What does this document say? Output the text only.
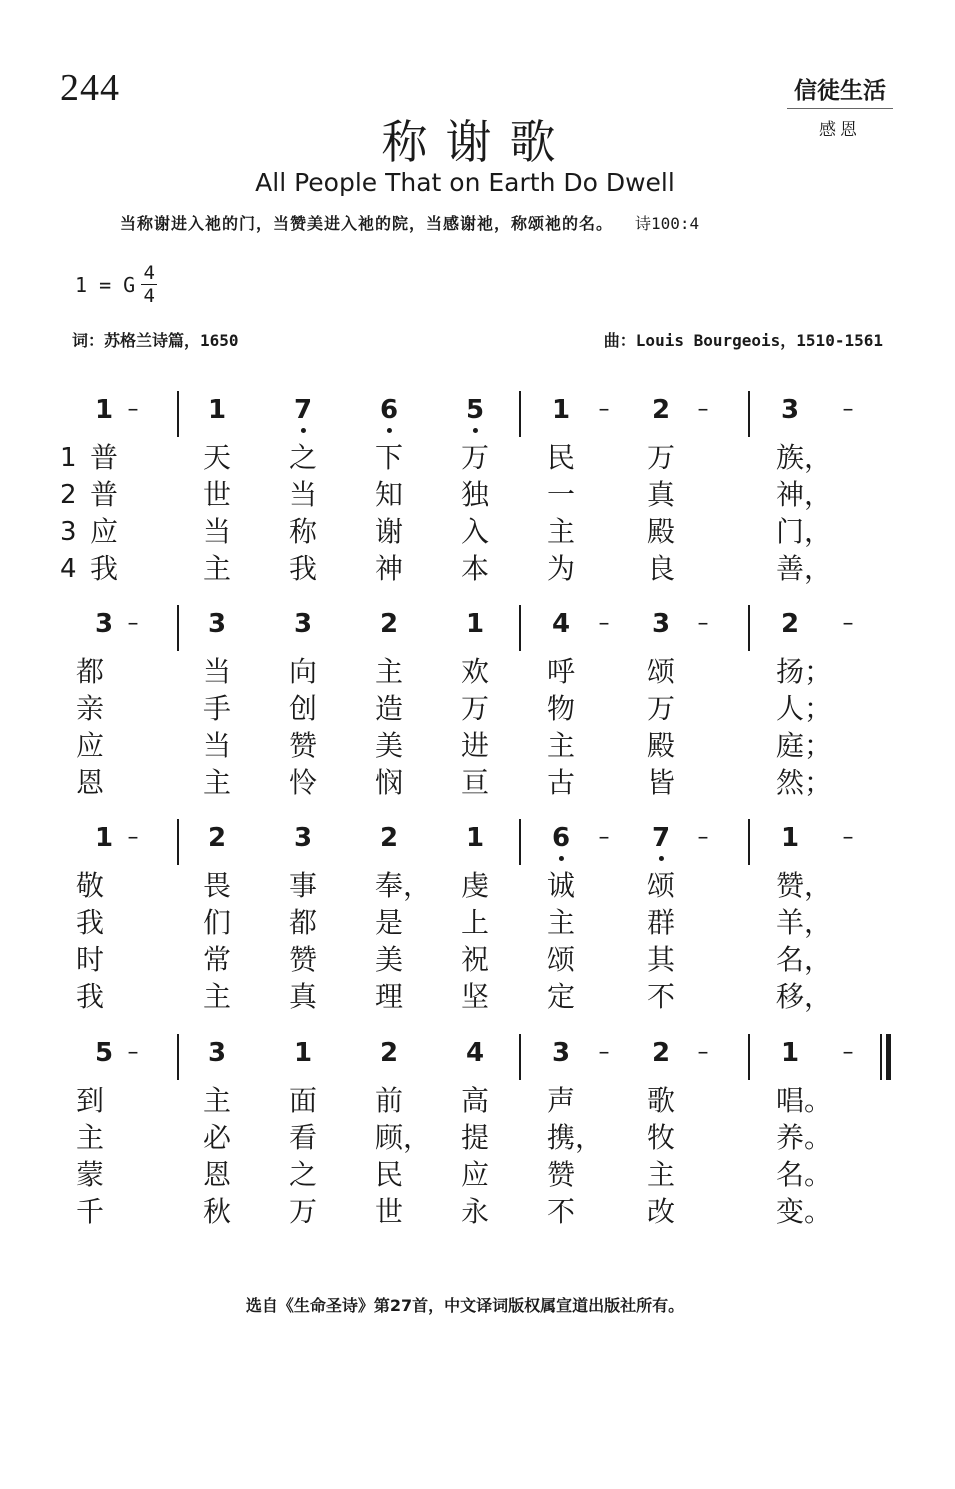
244	信徒生活
感恩
称谢歌
All People That on Earth Do Dwell
当称谢进入祂的门，当赞美进入祂的院，当感谢祂，称颂祂的名。 诗100:4
1 = G $\frac{4}{4}$
词：苏格兰诗篇，1650	曲：Louis Bourgeois，1510-1561
1	1	7	6	5	1	2	3
–	–	–	–
1 普	天 之 下 万 民	万	族，
2 普	世 当 知 独 一	真	神，
3 应	当 称 谢 入 主	殿	门，
4 我	主 我 神 本 为	良	善，
3	3	3	2	1	4	3	2
–	–	–	–
都	当 向 主 欢 呼	颂	扬；
亲	手 创 造 万 物	万	人；
应	当 赞 美 进 主	殿	庭；
恩	主 怜 悯 亘 古	皆	然；
1	2	3	2	1	6	7	1
–	–	–	–
敬	畏 事 奉， 虔 诚	颂	赞，
我	们 都 是 上 主	群	羊，
时	常 赞 美 祝 颂	其	名，
我	主 真 理 坚 定	不	移，
5	3	1	2	4	3	2	1
–	–	–	–
到	主 面 前 高 声	歌	唱。
主	必 看 顾， 提 携， 牧	养。
蒙	恩 之 民 应 赞	主	名。
千	秋 万 世 永 不	改	变。
选自《生命圣诗》第27首，中文译词版权属宣道出版社所有。
